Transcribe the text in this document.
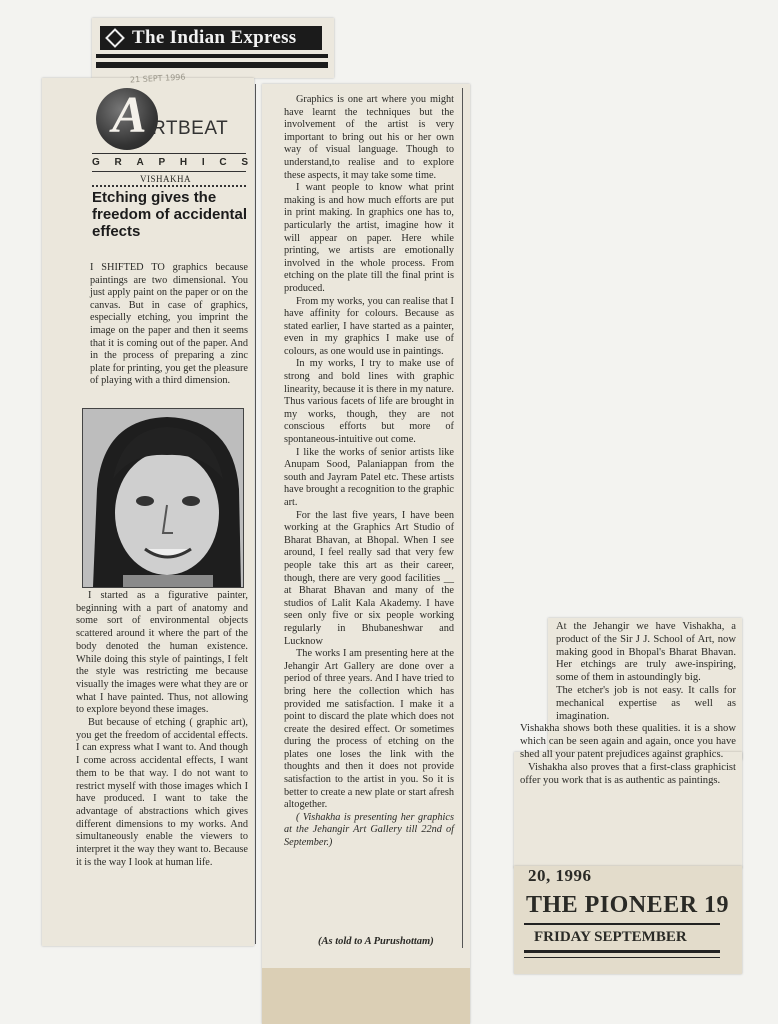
The Indian Express
21 SEPT 1996
A RTBEAT
G R A P H I C S
VISHAKHA
Etching gives the freedom of accidental effects
I SHIFTED TO graphics because paintings are two dimensional. You just apply paint on the paper or on the canvas. But in case of graphics, especially etching, you imprint the image on the paper and then it seems that it is coming out of the paper. And in the process of preparing a zinc plate for printing, you get the pleasure of playing with a third dimension.

I started as a figurative painter, beginning with a part of anatomy and some sort of environmental objects scattered around it where the part of the body denoted the human existence. While doing this style of paintings, I felt the style was restricting me because visually the images were what they are or what I have painted. Thus, not allowing to explore beyond these images.

But because of etching ( graphic art), you get the freedom of accidental effects. I can express what I want to. And though I come across accidental effects, I want them to be that way. I do not want to restrict myself with those images which I have produced. I want to take the advantage of abstractions which gives different dimensions to my works. And simultaneously enable the viewers to interpret it the way they want to. Because it is the way I look at human life.

Graphics is one art where you might have learnt the techniques but the involvement of the artist is very important to bring out his or her own way of visual language. Though to understand,to realise and to explore these aspects, it may take some time.

I want people to know what print making is and how much efforts are put in print making. In graphics one has to, particularly the artist, imagine how it will appear on paper. Here while printing, we artists are emotionally involved in the whole process. From etching on the plate till the final print is produced.

From my works, you can realise that I have affinity for colours. Because as stated earlier, I have started as a painter, even in my graphics I make use of colours, as one would use in paintings.

In my works, I try to make use of strong and bold lines with graphic linearity, because it is there in my nature. Thus various facets of life are brought in my works, though, they are not conscious efforts but more of spontaneous-intuitive out come.

I like the works of senior artists like Anupam Sood, Palaniappan from the south and Jayram Patel etc. These artists have brought a recognition to the graphic art.

For the last five years, I have been working at the Graphics Art Studio of Bharat Bhavan, at Bhopal. When I see around, I feel really sad that very few people take this art as their career, though, there are very good facilities __ at Bharat Bhavan and many of the studios of Lalit Kala Akademy. I have seen only five or six people working regularly in Bhubaneshwar and Lucknow

The works I am presenting here at the Jehangir Art Gallery are done over a period of three years. And I have tried to bring here the collection which has provided me satisfaction. I make it a point to discard the plate which does not create the desired effect. Or sometimes during the process of etching on the plates one loses the link with the thoughts and then it does not provide satisfaction to the artist in you. So it is better to create a new plate or start afresh altogether.

( Vishakha is presenting her graphics at the Jehangir Art Gallery till 22nd of September.)

(As told to A Purushottam)

At the Jehangir we have Vishakha, a product of the Sir J J. School of Art, now making good in Bhopal's Bharat Bhavan. Her etchings are truly awe-inspiring, some of them in astoundingly big.

The etcher's job is not easy. It calls for mechanical expertise as well as imagination.

Vishakha shows both these qualities. it is a show which can be seen again and again, once you have shed all your patent prejudices against graphics.

Vishakha also proves that a first-class graphicist offer you work that is as authentic as paintings.

20, 1996
THE PIONEER 19
FRIDAY SEPTEMBER
